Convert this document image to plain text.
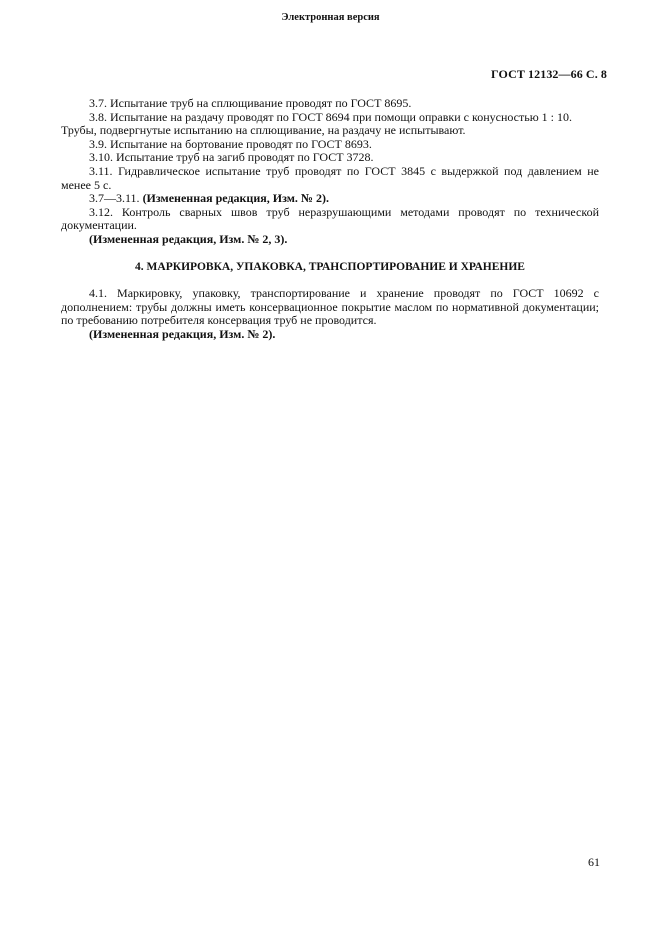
Электронная версия
ГОСТ 12132—66 С. 8

3.7. Испытание труб на сплющивание проводят по ГОСТ 8695.

3.8. Испытание на раздачу проводят по ГОСТ 8694 при помощи оправки с конусностью 1 : 10.

Трубы, подвергнутые испытанию на сплющивание, на раздачу не испытывают.

3.9. Испытание на бортование проводят по ГОСТ 8693.

3.10. Испытание труб на загиб проводят по ГОСТ 3728.

3.11. Гидравлическое испытание труб проводят по ГОСТ 3845 с выдержкой под давлением не менее 5 с.

3.7—3.11. (Измененная редакция, Изм. № 2).

3.12. Контроль сварных швов труб неразрушающими методами проводят по технической документации.

(Измененная редакция, Изм. № 2, 3).

4. МАРКИРОВКА, УПАКОВКА, ТРАНСПОРТИРОВАНИЕ И ХРАНЕНИЕ

4.1. Маркировку, упаковку, транспортирование и хранение проводят по ГОСТ 10692 с дополнением: трубы должны иметь консервационное покрытие маслом по нормативной документации; по требованию потребителя консервация труб не проводится.

(Измененная редакция, Изм. № 2).

61
